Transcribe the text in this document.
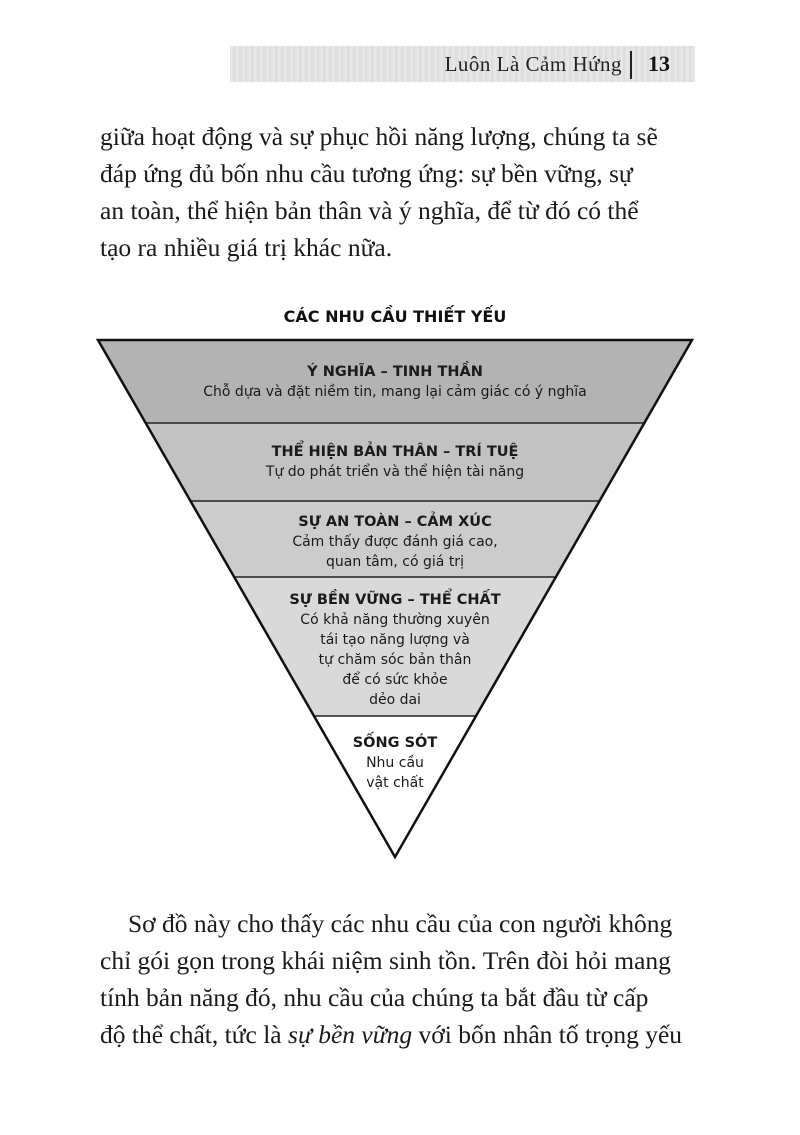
Luôn Là Cảm Hứng 13

giữa hoạt động và sự phục hồi năng lượng, chúng ta sẽ
đáp ứng đủ bốn nhu cầu tương ứng: sự bền vững, sự
an toàn, thể hiện bản thân và ý nghĩa, để từ đó có thể
tạo ra nhiều giá trị khác nữa.

CÁC NHU CẦU THIẾT YẾU
Ý NGHĨA – TINH THẦN
Chỗ dựa và đặt niềm tin, mang lại cảm giác có ý nghĩa
THỂ HIỆN BẢN THÂN – TRÍ TUỆ
Tự do phát triển và thể hiện tài năng
SỰ AN TOÀN – CẢM XÚC
Cảm thấy được đánh giá cao,
quan tâm, có giá trị
SỰ BỀN VỮNG – THỂ CHẤT
Có khả năng thường xuyên
tái tạo năng lượng và
tự chăm sóc bản thân
để có sức khỏe
dẻo dai
SỐNG SÓT
Nhu cầu
vật chất

Sơ đồ này cho thấy các nhu cầu của con người không
chỉ gói gọn trong khái niệm sinh tồn. Trên đòi hỏi mang
tính bản năng đó, nhu cầu của chúng ta bắt đầu từ cấp
độ thể chất, tức là sự bền vững với bốn nhân tố trọng yếu
